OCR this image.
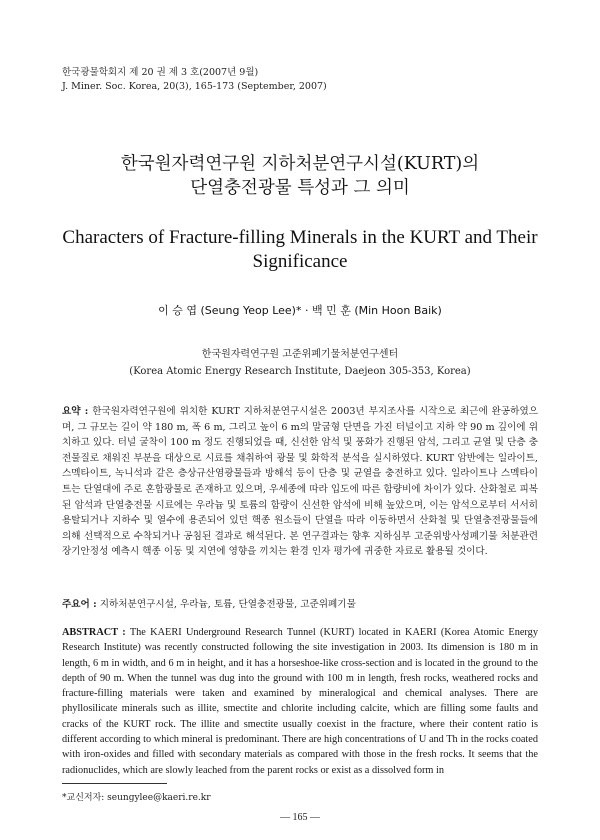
한국광물학회지 제 20 권 제 3 호(2007년 9월)
J. Miner. Soc. Korea, 20(3), 165-173 (September, 2007)
한국원자력연구원 지하처분연구시설(KURT)의
단열충전광물 특성과 그 의미
Characters of Fracture-filling Minerals in the KURT and Their Significance
이 승 엽 (Seung Yeop Lee)* · 백 민 훈 (Min Hoon Baik)
한국원자력연구원 고준위폐기물처분연구센터
(Korea Atomic Energy Research Institute, Daejeon 305-353, Korea)
요약 : 한국원자력연구원에 위치한 KURT 지하처분연구시설은 2003년 부지조사를 시작으로 최근에 완공하였으며, 그 규모는 길이 약 180 m, 폭 6 m, 그리고 높이 6 m의 말굽형 단면을 가진 터널이고 지하 약 90 m 깊이에 위치하고 있다. 터널 굴착이 100 m 정도 진행되었을 때, 신선한 암석 및 풍화가 진행된 암석, 그리고 균열 및 단층 충전물질로 채워진 부분을 대상으로 시료를 채취하여 광물 및 화학적 분석을 실시하였다. KURT 암반에는 일라이트, 스멕타이트, 녹니석과 같은 층상규산염광물들과 방해석 등이 단층 및 균열을 충전하고 있다. 일라이트나 스멕타이트는 단열대에 주로 혼합광물로 존재하고 있으며, 우세종에 따라 입도에 따른 함량비에 차이가 있다. 산화철로 피복된 암석과 단열충전물 시료에는 우라늄 및 토륨의 함량이 신선한 암석에 비해 높았으며, 이는 암석으로부터 서서히 용탈되거나 지하수 및 열수에 용존되어 있던 핵종 원소들이 단열을 따라 이동하면서 산화철 및 단열충전광물들에 의해 선택적으로 수착되거나 공침된 결과로 해석된다. 본 연구결과는 향후 지하심부 고준위방사성폐기물 처분관련 장기안정성 예측시 핵종 이동 및 지연에 영향을 끼치는 환경 인자 평가에 귀중한 자료로 활용될 것이다.
주요어 : 지하처분연구시설, 우라늄, 토륨, 단열충전광물, 고준위폐기물
ABSTRACT : The KAERI Underground Research Tunnel (KURT) located in KAERI (Korea Atomic Energy Research Institute) was recently constructed following the site investigation in 2003. Its dimension is 180 m in length, 6 m in width, and 6 m in height, and it has a horseshoe-like cross-section and is located in the ground to the depth of 90 m. When the tunnel was dug into the ground with 100 m in length, fresh rocks, weathered rocks and fracture-filling materials were taken and examined by mineralogical and chemical analyses. There are phyllosilicate minerals such as illite, smectite and chlorite including calcite, which are filling some faults and cracks of the KURT rock. The illite and smectite usually coexist in the fracture, where their content ratio is different according to which mineral is predominant. There are high concentrations of U and Th in the rocks coated with iron-oxides and filled with secondary materials as compared with those in the fresh rocks. It seems that the radionuclides, which are slowly leached from the parent rocks or exist as a dissolved form in
*교신저자: seungylee@kaeri.re.kr
— 165 —
